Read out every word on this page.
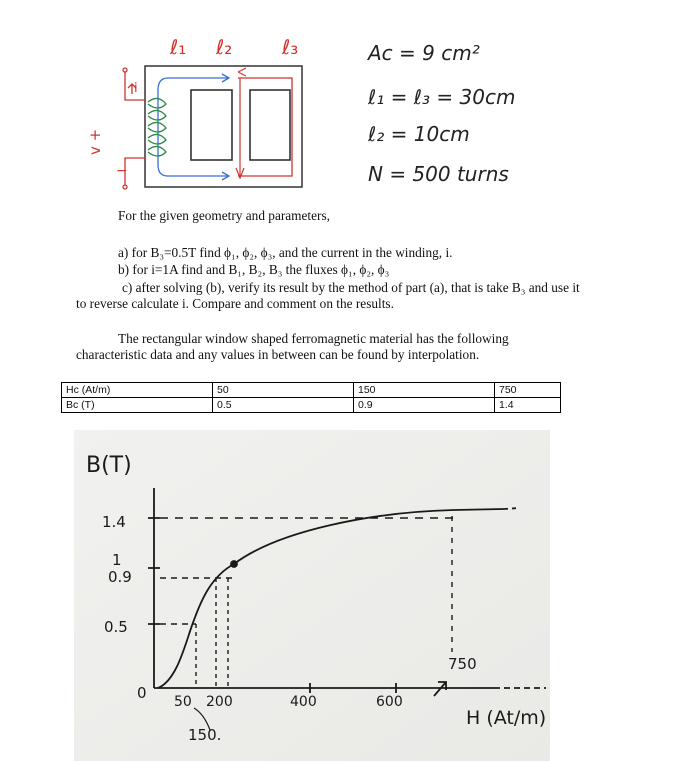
v +
−
i
ℓ₁ ℓ₂ ℓ₃	Ac = 9 cm²
ℓ₁ = ℓ₃ = 30cm
ℓ₂ = 10cm
N = 500 turns

For the given geometry and parameters,

a) for B₃=0.5T find ϕ₁, ϕ₂, ϕ₃, and the current in the winding, i.

b) for i=1A find and B₁, B₂, B₃ the fluxes ϕ₁, ϕ₂, ϕ₃

c) after solving (b), verify its result by the method of part (a), that is take B₃ and use it

to reverse calculate i. Compare and comment on the results.

The rectangular window shaped ferromagnetic material has the following

characteristic data and any values in between can be found by interpolation.

Hc (At/m)	50	150	750
Bc (T)	0.5	0.9	1.4
B(T)
H (At/m)
1.4
1
0.9
0.5
0 50 200	400	600
750
150.
